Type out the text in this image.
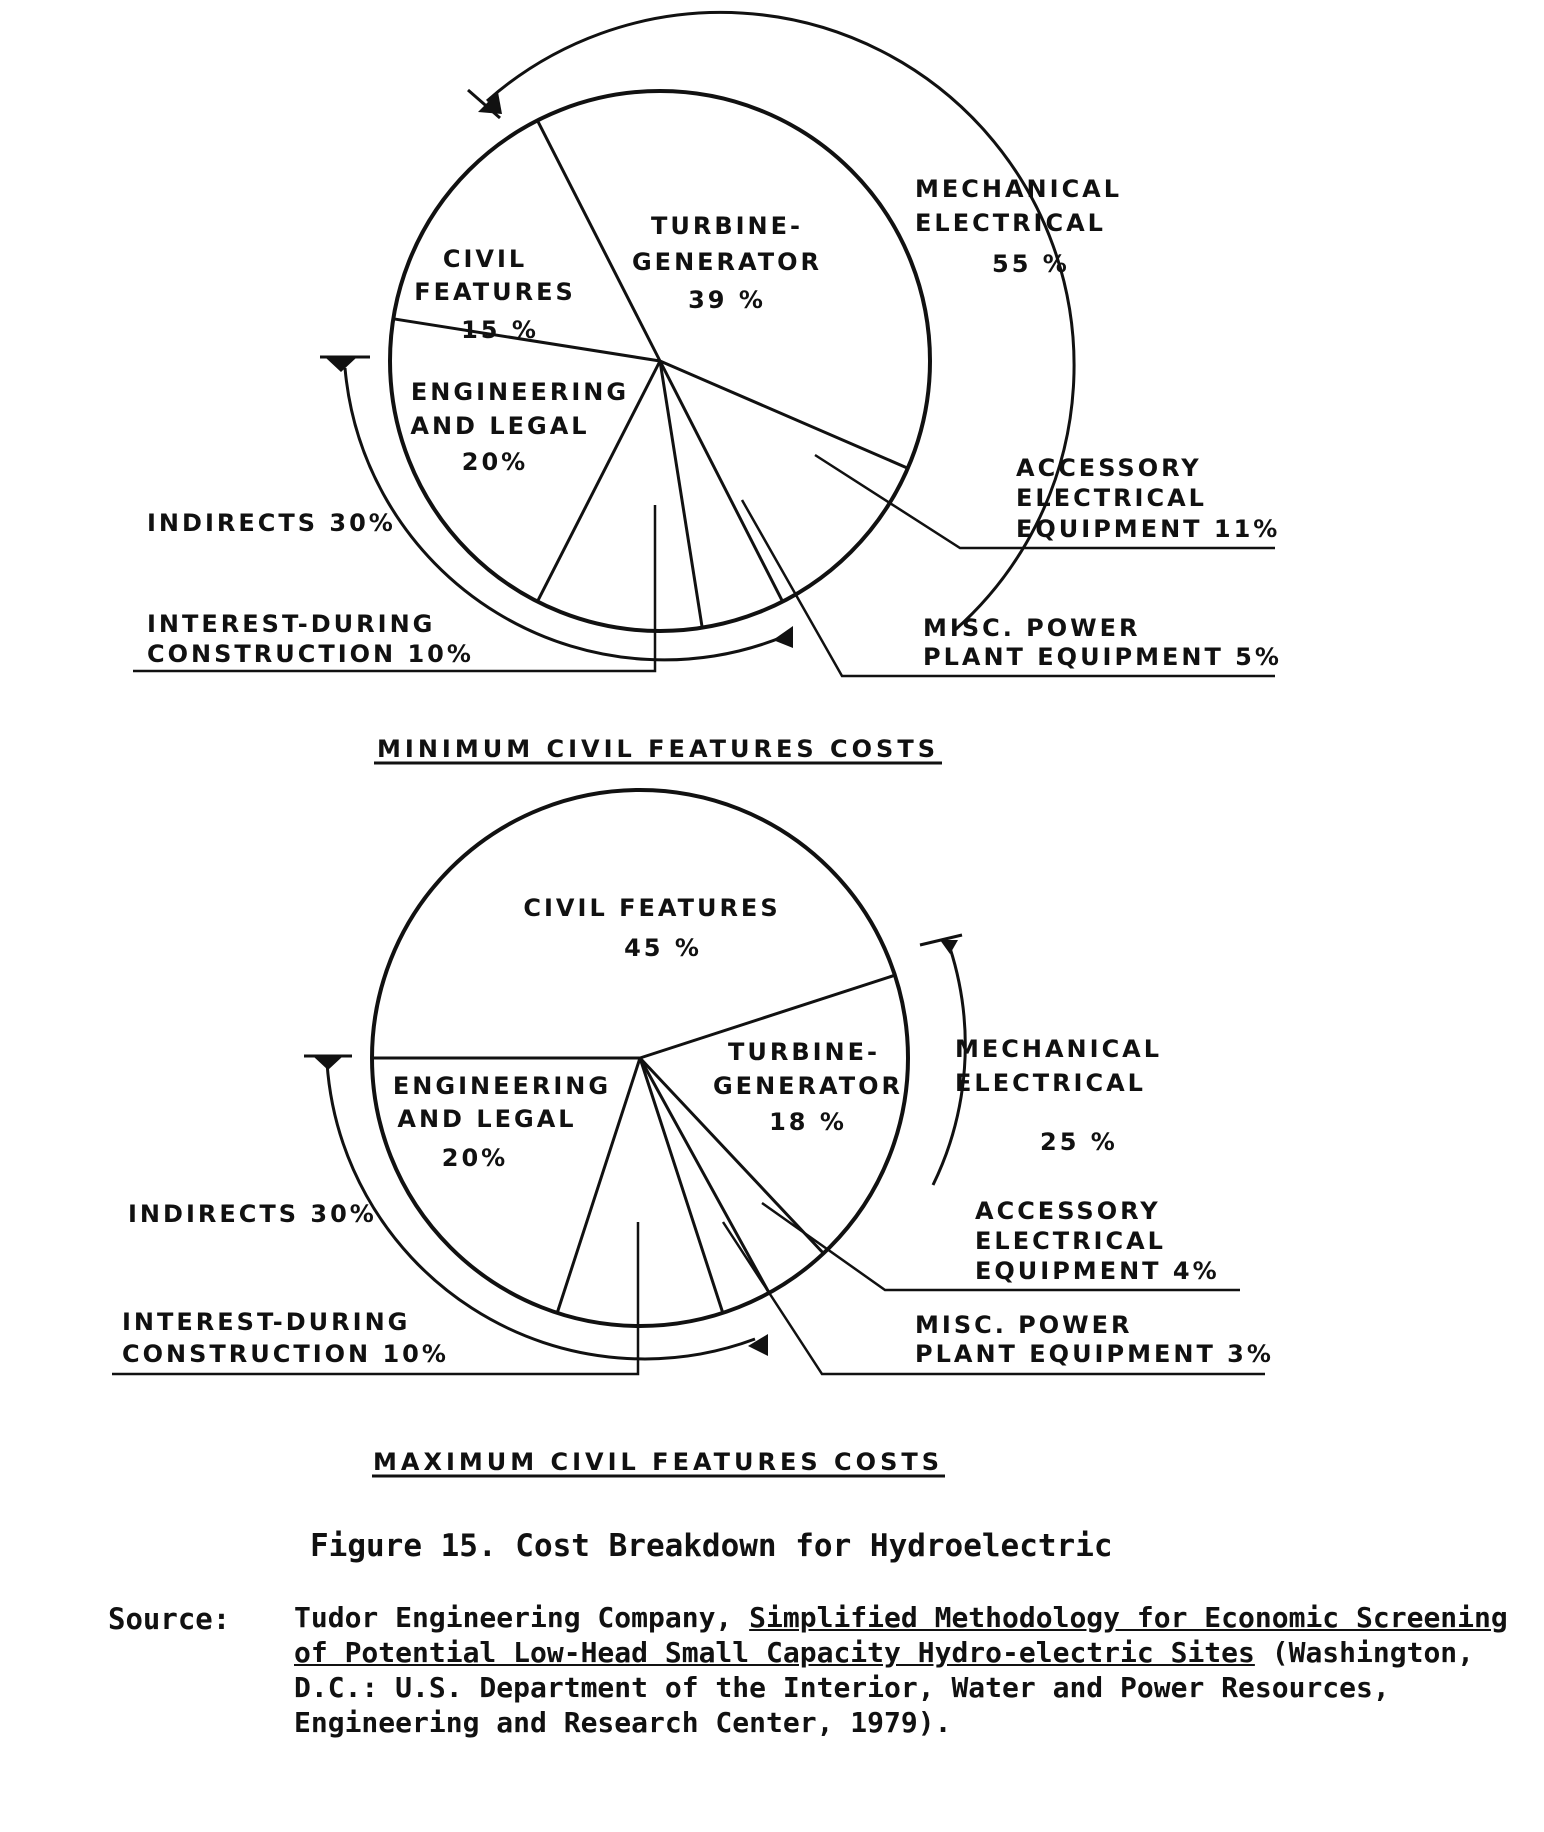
TURBINE-
GENERATOR
39 %
CIVIL
FEATURES
15 %
ENGINEERING
AND LEGAL
20%
MECHANICAL
ELECTRICAL
55 %
ACCESSORY
ELECTRICAL
EQUIPMENT 11%
MISC. POWER
PLANT EQUIPMENT 5%
INDIRECTS 30%
INTEREST-DURING
CONSTRUCTION 10%
MINIMUM CIVIL FEATURES COSTS
CIVIL FEATURES
45 %
TURBINE-
GENERATOR
18 %
ENGINEERING
AND LEGAL
20%
MECHANICAL
ELECTRICAL
25 %
ACCESSORY
ELECTRICAL
EQUIPMENT 4%
MISC. POWER
PLANT EQUIPMENT 3%
INDIRECTS 30%
INTEREST-DURING
CONSTRUCTION 10%
MAXIMUM CIVIL FEATURES COSTS
Figure 15. Cost Breakdown for Hydroelectric
Source: Tudor Engineering Company, Simplified Methodology for Economic Screening of Potential Low-Head Small Capacity Hydro-electric Sites (Washington, D.C.: U.S. Department of the Interior, Water and Power Resources, Engineering and Research Center, 1979).
